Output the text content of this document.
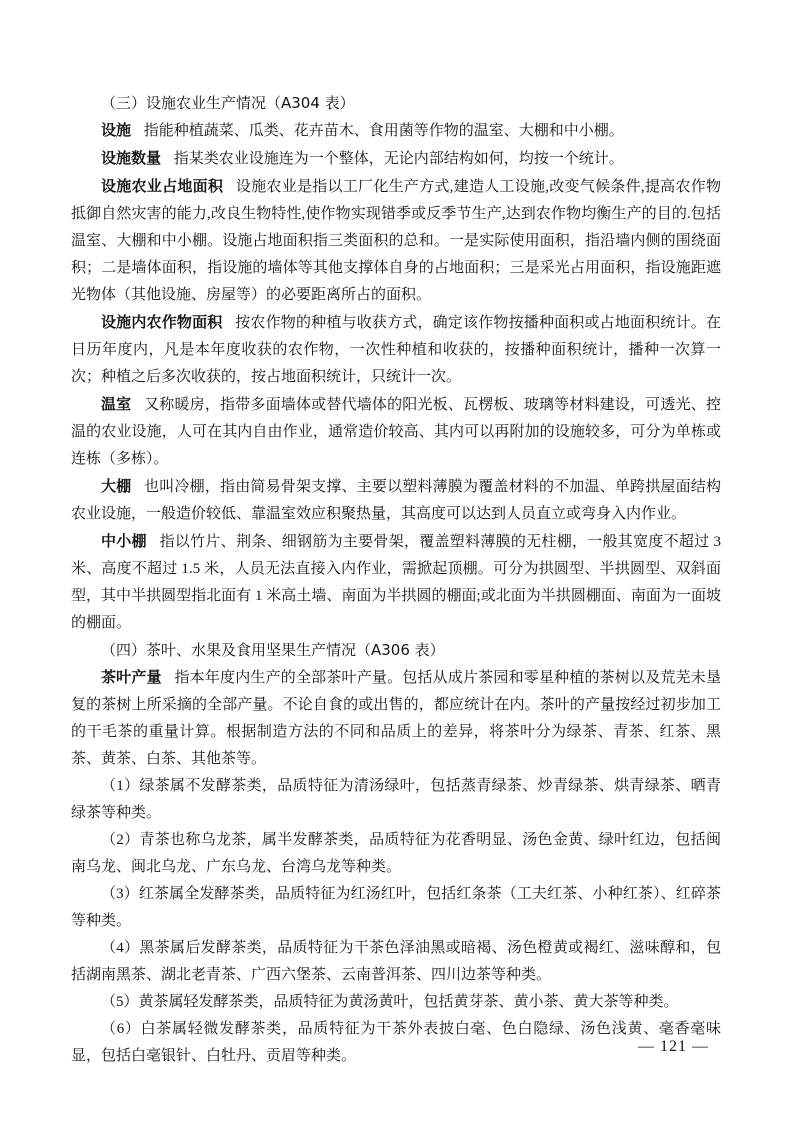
（三）设施农业生产情况（A304 表）

设施 指能种植蔬菜、瓜类、花卉苗木、食用菌等作物的温室、大棚和中小棚。

设施数量 指某类农业设施连为一个整体，无论内部结构如何，均按一个统计。

设施农业占地面积 设施农业是指以工厂化生产方式,建造人工设施,改变气候条件,提高农作物抵御自然灾害的能力,改良生物特性,使作物实现错季或反季节生产,达到农作物均衡生产的目的.包括温室、大棚和中小棚。设施占地面积指三类面积的总和。一是实际使用面积，指沿墙内侧的围绕面积；二是墙体面积，指设施的墙体等其他支撑体自身的占地面积；三是采光占用面积，指设施距遮光物体（其他设施、房屋等）的必要距离所占的面积。

设施内农作物面积 按农作物的种植与收获方式，确定该作物按播种面积或占地面积统计。在日历年度内，凡是本年度收获的农作物，一次性种植和收获的，按播种面积统计，播种一次算一次；种植之后多次收获的，按占地面积统计，只统计一次。

温室 又称暖房，指带多面墙体或替代墙体的阳光板、瓦楞板、玻璃等材料建设，可透光、控温的农业设施，人可在其内自由作业，通常造价较高、其内可以再附加的设施较多，可分为单栋或连栋（多栋）。

大棚 也叫冷棚，指由简易骨架支撑、主要以塑料薄膜为覆盖材料的不加温、单跨拱屋面结构农业设施，一般造价较低、靠温室效应积聚热量，其高度可以达到人员直立或弯身入内作业。

中小棚 指以竹片、荆条、细钢筋为主要骨架，覆盖塑料薄膜的无柱棚，一般其宽度不超过 3 米、高度不超过 1.5 米，人员无法直接入内作业，需掀起顶棚。可分为拱圆型、半拱圆型、双斜面型，其中半拱圆型指北面有 1 米高土墙、南面为半拱圆的棚面;或北面为半拱圆棚面、南面为一面坡的棚面。

（四）茶叶、水果及食用坚果生产情况（A306 表）

茶叶产量 指本年度内生产的全部茶叶产量。包括从成片茶园和零星种植的茶树以及荒芜未垦复的茶树上所采摘的全部产量。不论自食的或出售的，都应统计在内。茶叶的产量按经过初步加工的干毛茶的重量计算。根据制造方法的不同和品质上的差异，将茶叶分为绿茶、青茶、红茶、黑茶、黄茶、白茶、其他茶等。

（1）绿茶属不发酵茶类，品质特征为清汤绿叶，包括蒸青绿茶、炒青绿茶、烘青绿茶、晒青绿茶等种类。

（2）青茶也称乌龙茶，属半发酵茶类，品质特征为花香明显、汤色金黄、绿叶红边，包括闽南乌龙、闽北乌龙、广东乌龙、台湾乌龙等种类。

（3）红茶属全发酵茶类，品质特征为红汤红叶，包括红条茶（工夫红茶、小种红茶）、红碎茶等种类。

（4）黑茶属后发酵茶类，品质特征为干茶色泽油黑或暗褐、汤色橙黄或褐红、滋味醇和，包括湖南黑茶、湖北老青茶、广西六堡茶、云南普洱茶、四川边茶等种类。

（5）黄茶属轻发酵茶类，品质特征为黄汤黄叶，包括黄芽茶、黄小茶、黄大茶等种类。

（6）白茶属轻微发酵茶类，品质特征为干茶外表披白毫、色白隐绿、汤色浅黄、毫香毫味显，包括白毫银针、白牡丹、贡眉等种类。

— 121 —
